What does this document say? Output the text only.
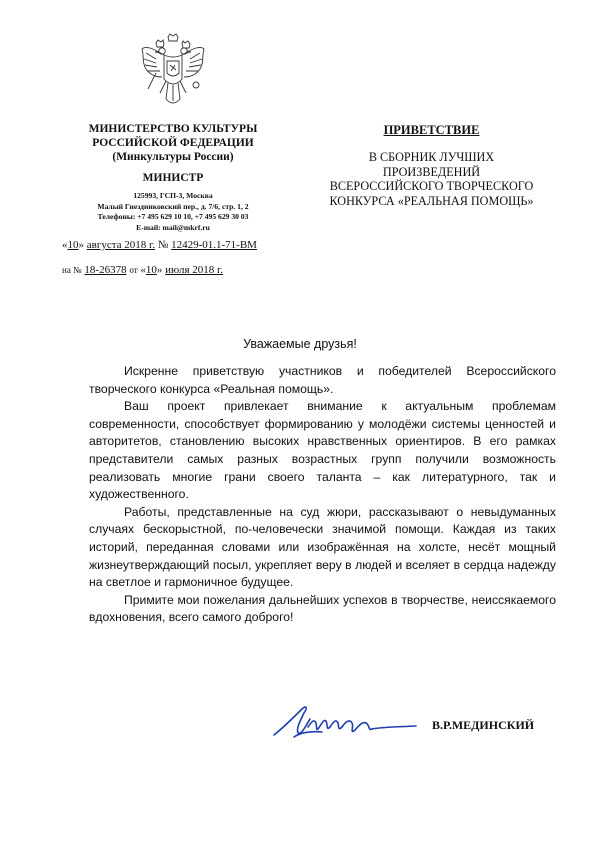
МИНИСТЕРСТВО КУЛЬТУРЫ
РОССИЙСКОЙ ФЕДЕРАЦИИ
(Минкультуры России)
МИНИСТР
125993, ГСП-3, Москва
Малый Гнездниковский пер., д. 7/6, стр. 1, 2
Телефоны: +7 495 629 10 10, +7 495 629 30 03
E-mail: mail@mkrf.ru
«10» августа 2018 г. № 12429-01.1-71-ВМ
на № 18-26378 от «10» июля 2018 г.
ПРИВЕТСТВИЕ
В СБОРНИК ЛУЧШИХ
ПРОИЗВЕДЕНИЙ
ВСЕРОССИЙСКОГО ТВОРЧЕСКОГО
КОНКУРСА «РЕАЛЬНАЯ ПОМОЩЬ»
Уважаемые друзья!

Искренне приветствую участников и победителей Всероссийского творческого конкурса «Реальная помощь».

Ваш проект привлекает внимание к актуальным проблемам современности, способствует формированию у молодёжи системы ценностей и авторитетов, становлению высоких нравственных ориентиров. В его рамках представители самых разных возрастных групп получили возможность реализовать многие грани своего таланта – как литературного, так и художественного.

Работы, представленные на суд жюри, рассказывают о невыдуманных случаях бескорыстной, по-человечески значимой помощи. Каждая из таких историй, переданная словами или изображённая на холсте, несёт мощный жизнеутверждающий посыл, укрепляет веру в людей и вселяет в сердца надежду на светлое и гармоничное будущее.

Примите мои пожелания дальнейших успехов в творчестве, неиссякаемого вдохновения, всего самого доброго!

В.Р.МЕДИНСКИЙ
